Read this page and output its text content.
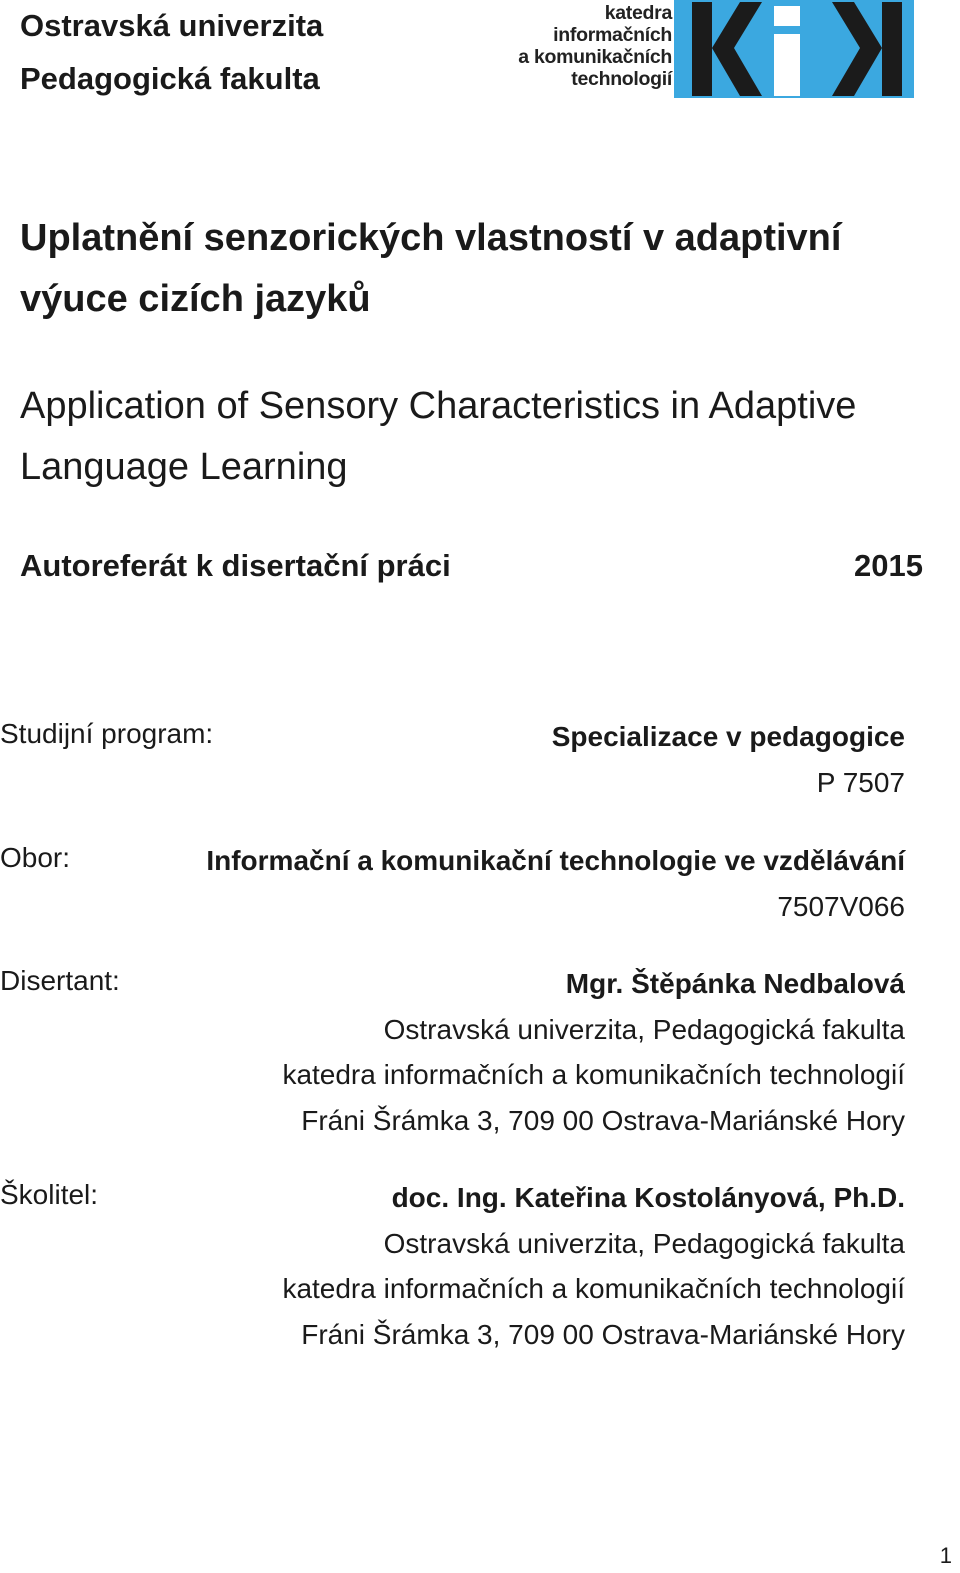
Ostravská univerzita
Pedagogická fakulta
katedra
informačních
a komunikačních
technologií
Uplatnění senzorických vlastností v adaptivní výuce cizích jazyků
Application of Sensory Characteristics in Adaptive Language Learning
Autoreferát k disertační práci	2015
Studijní program:	Specializace v pedagogice
P 7507
Obor:	Informační a komunikační technologie ve vzdělávání
7507V066
Disertant:	Mgr. Štěpánka Nedbalová
Ostravská univerzita, Pedagogická fakulta
katedra informačních a komunikačních technologií
Fráni Šrámka 3, 709 00 Ostrava-Mariánské Hory
Školitel:	doc. Ing. Kateřina Kostolányová, Ph.D.
Ostravská univerzita, Pedagogická fakulta
katedra informačních a komunikačních technologií
Fráni Šrámka 3, 709 00 Ostrava-Mariánské Hory
1
